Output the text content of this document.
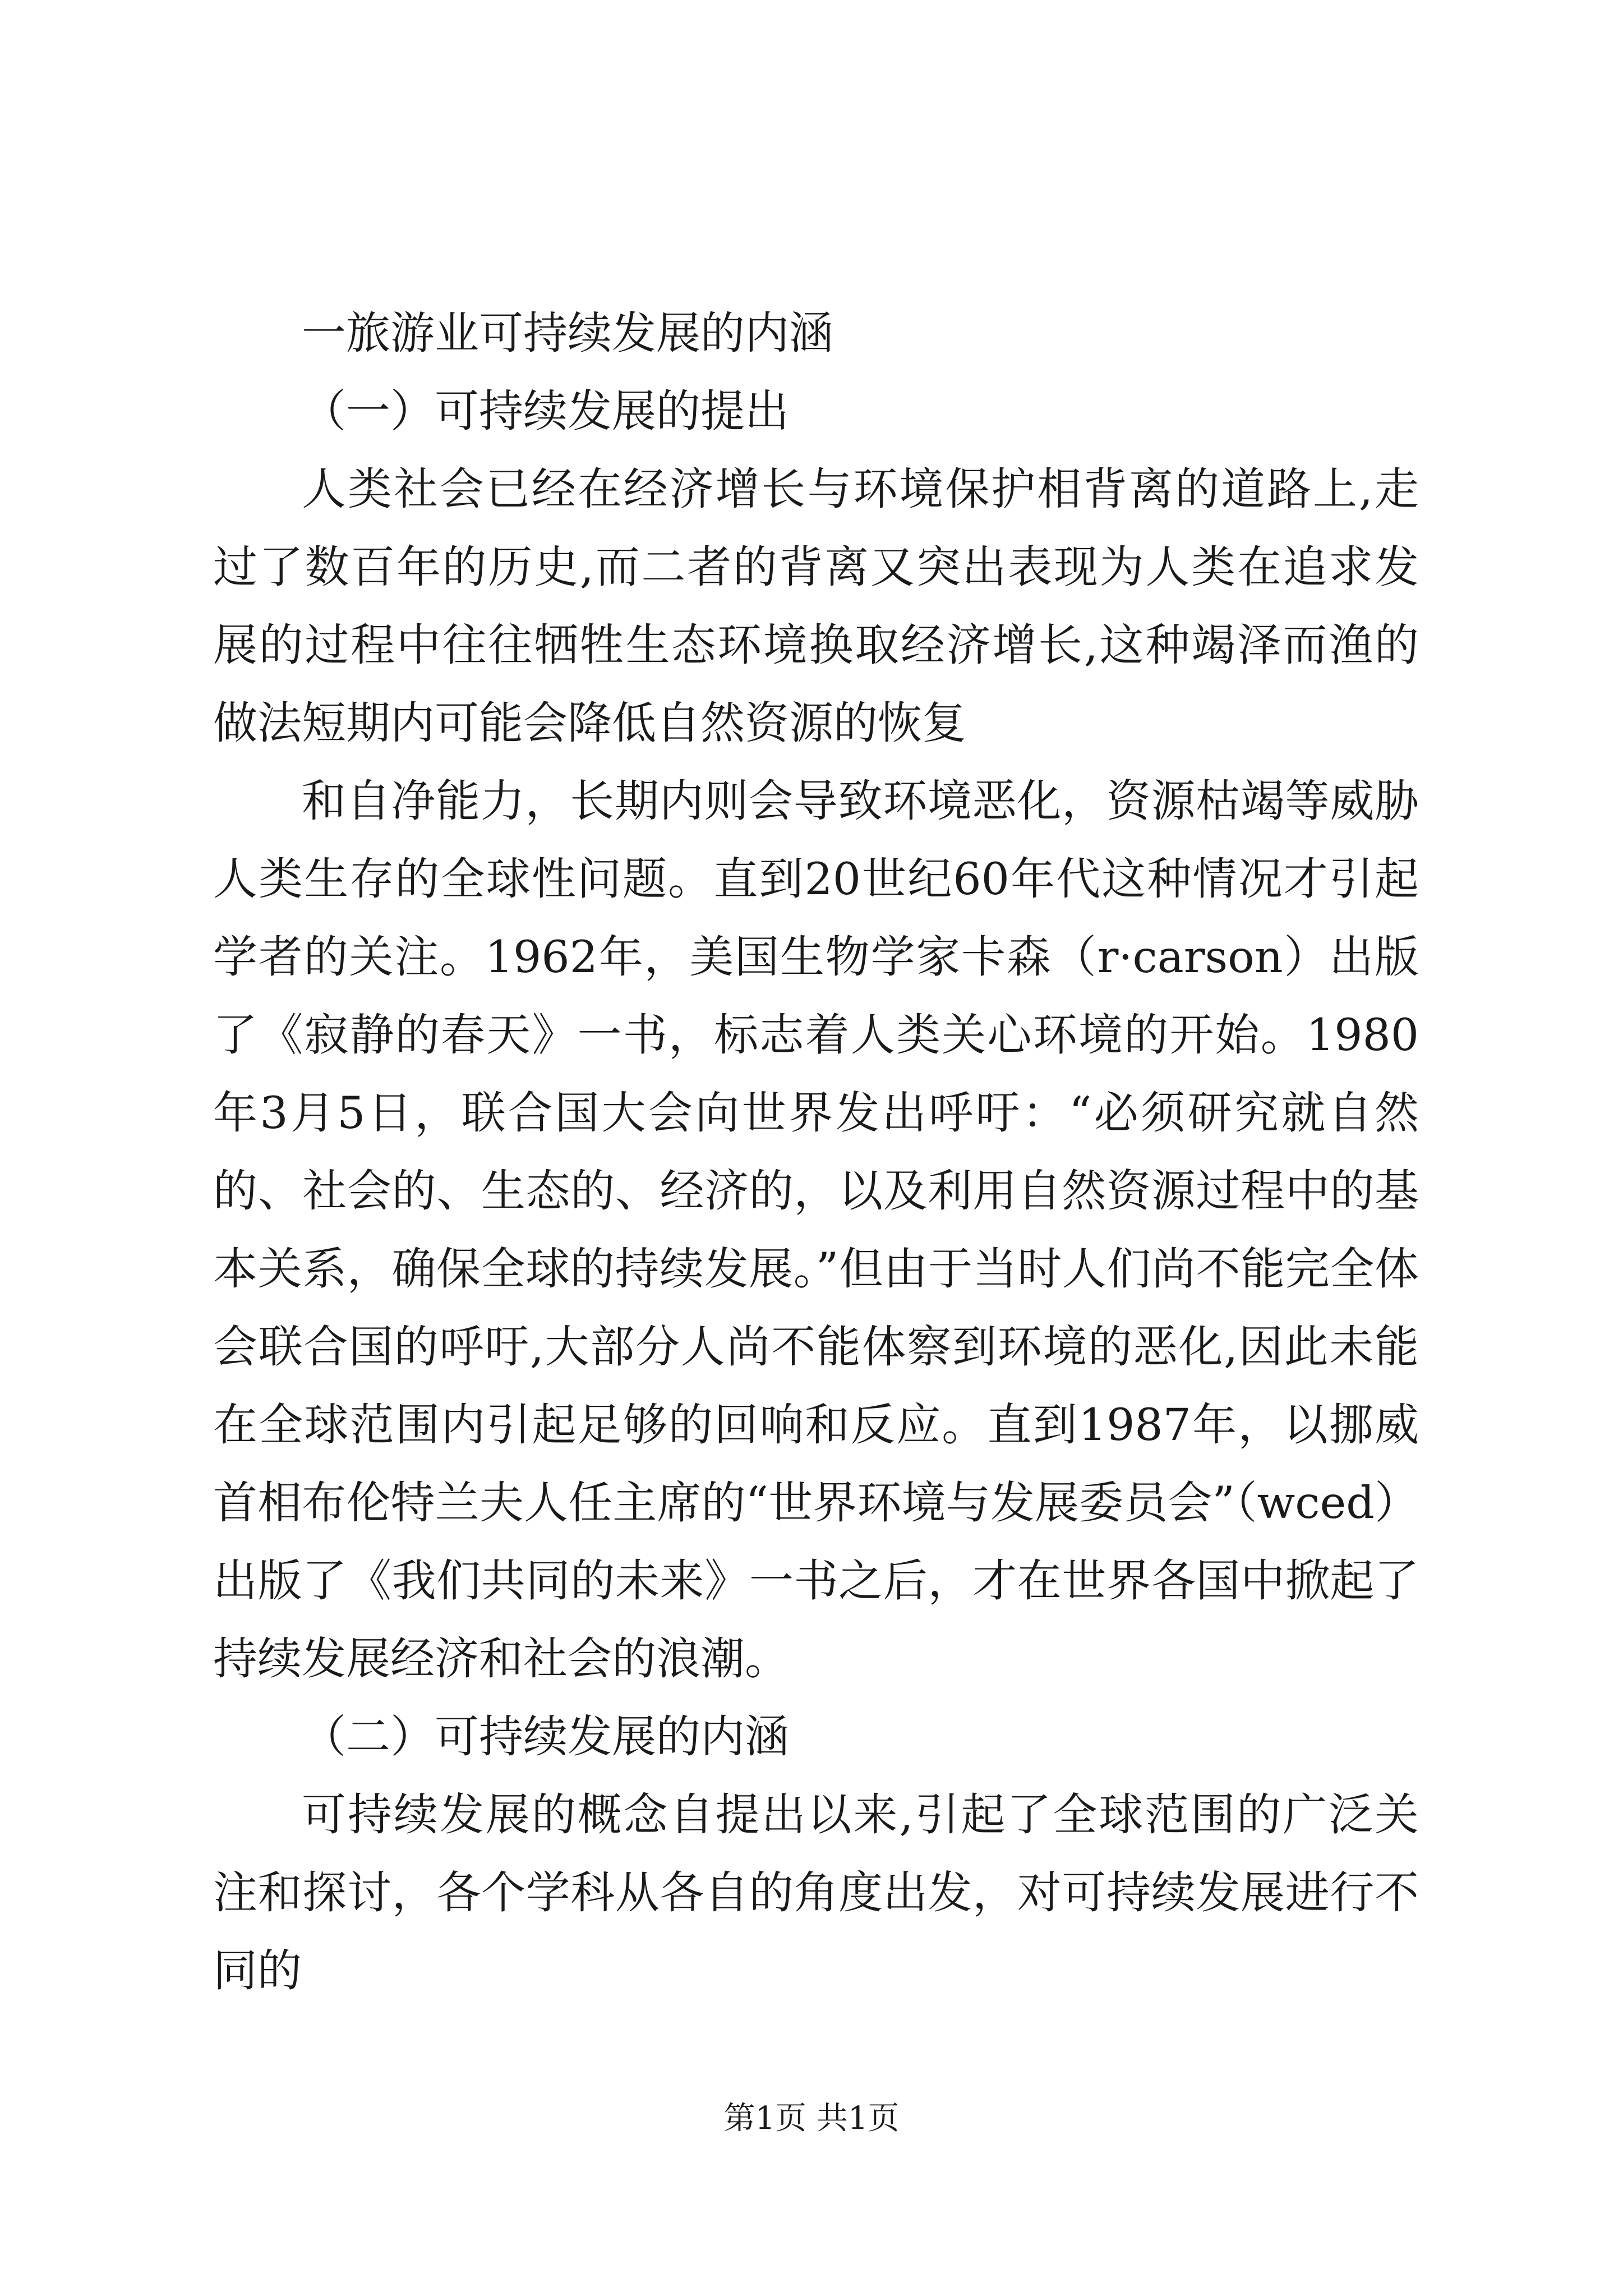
一旅游业可持续发展的内涵

（一）可持续发展的提出

人类社会已经在经济增长与环境保护相背离的道路上,走过了数百年的历史,而二者的背离又突出表现为人类在追求发展的过程中往往牺牲生态环境换取经济增长,这种竭泽而渔的做法短期内可能会降低自然资源的恢复

和自净能力，长期内则会导致环境恶化，资源枯竭等威胁人类生存的全球性问题。直到20世纪60年代这种情况才引起学者的关注。1962年，美国生物学家卡森（r·carson）出版了《寂静的春天》一书，标志着人类关心环境的开始。1980年3月5日，联合国大会向世界发出呼吁：“必须研究就自然的、社会的、生态的、经济的，以及利用自然资源过程中的基本关系，确保全球的持续发展。”但由于当时人们尚不能完全体会联合国的呼吁,大部分人尚不能体察到环境的恶化,因此未能在全球范围内引起足够的回响和反应。直到1987年，以挪威首相布伦特兰夫人任主席的“世界环境与发展委员会”（wced）出版了《我们共同的未来》一书之后，才在世界各国中掀起了持续发展经济和社会的浪潮。

（二）可持续发展的内涵

可持续发展的概念自提出以来,引起了全球范围的广泛关注和探讨，各个学科从各自的角度出发，对可持续发展进行不同的

第1页 共1页
